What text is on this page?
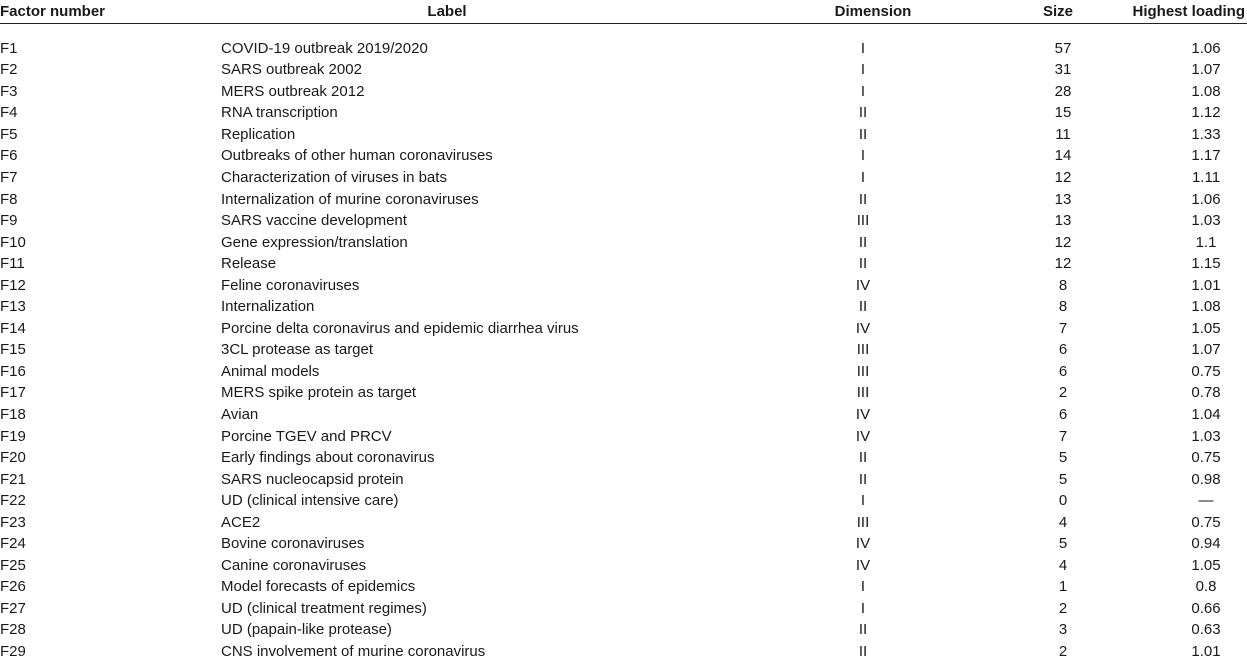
Factor number	Label	Dimension	Size	Highest loading
F1	COVID-19 outbreak 2019/2020	I	57	1.06
F2	SARS outbreak 2002	I	31	1.07
F3	MERS outbreak 2012	I	28	1.08
F4	RNA transcription	II	15	1.12
F5	Replication	II	11	1.33
F6	Outbreaks of other human coronaviruses	I	14	1.17
F7	Characterization of viruses in bats	I	12	1.11
F8	Internalization of murine coronaviruses	II	13	1.06
F9	SARS vaccine development	III	13	1.03
F10	Gene expression/translation	II	12	1.1
F11	Release	II	12	1.15
F12	Feline coronaviruses	IV	8	1.01
F13	Internalization	II	8	1.08
F14	Porcine delta coronavirus and epidemic diarrhea virus	IV	7	1.05
F15	3CL protease as target	III	6	1.07
F16	Animal models	III	6	0.75
F17	MERS spike protein as target	III	2	0.78
F18	Avian	IV	6	1.04
F19	Porcine TGEV and PRCV	IV	7	1.03
F20	Early findings about coronavirus	II	5	0.75
F21	SARS nucleocapsid protein	II	5	0.98
F22	UD (clinical intensive care)	I	0	—
F23	ACE2	III	4	0.75
F24	Bovine coronaviruses	IV	5	0.94
F25	Canine coronaviruses	IV	4	1.05
F26	Model forecasts of epidemics	I	1	0.8
F27	UD (clinical treatment regimes)	I	2	0.66
F28	UD (papain-like protease)	II	3	0.63
F29	CNS involvement of murine coronavirus	II	2	1.01
